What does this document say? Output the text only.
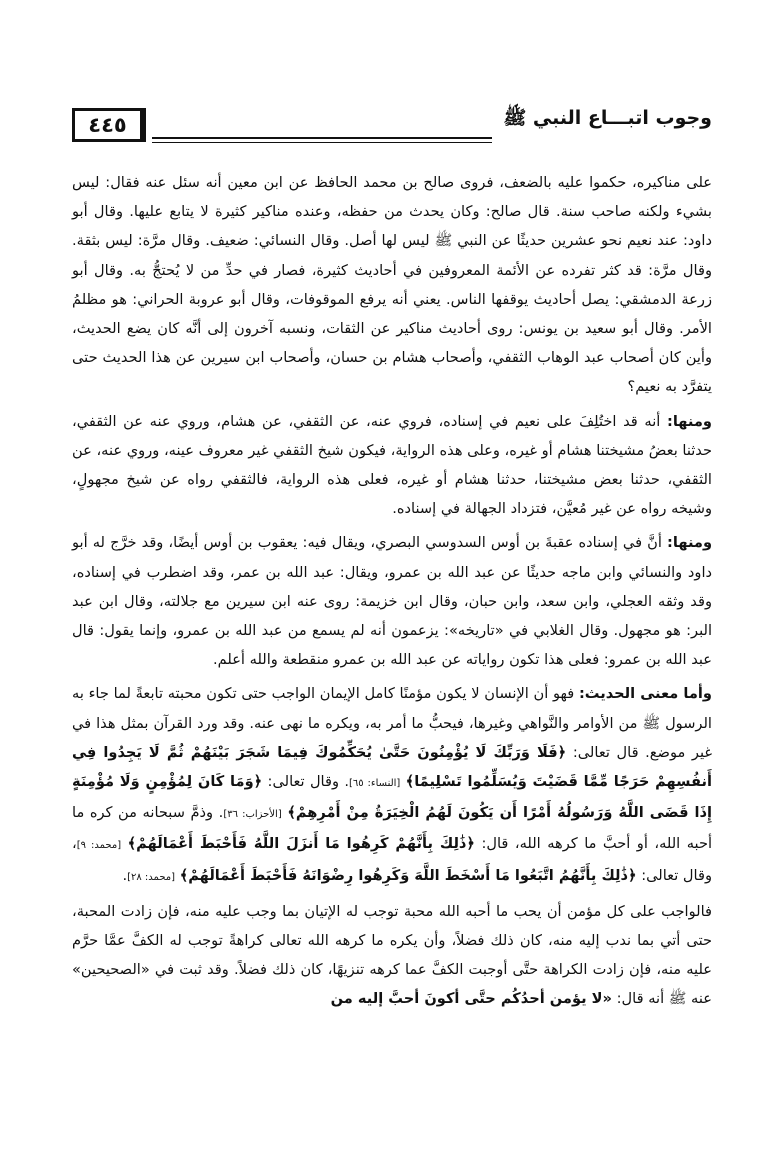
وجوب اتبـــاع النبي ﷺ
٤٤٥

على مناكيره، حكموا عليه بالضعف، فروى صالح بن محمد الحافظ عن ابن معين أنه سئل عنه فقال: ليس بشيء ولكنه صاحب سنة. قال صالح: وكان يحدث من حفظه، وعنده مناكير كثيرة لا يتابع عليها. وقال أبو داود: عند نعيم نحو عشرين حديثًا عن النبي ﷺ ليس لها أصل. وقال النسائي: ضعيف. وقال مرَّة: ليس بثقة. وقال مرَّة: قد كثر تفرده عن الأئمة المعروفين في أحاديث كثيرة، فصار في حدِّ من لا يُحتجُّ به. وقال أبو زرعة الدمشقي: يصل أحاديث يوقفها الناس. يعني أنه يرفع الموقوفات، وقال أبو عروبة الحراني: هو مظلمُ الأمر. وقال أبو سعيد بن يونس: روى أحاديث مناكير عن الثقات، ونسبه آخرون إلى أنَّه كان يضع الحديث، وأين كان أصحاب عبد الوهاب الثقفي، وأصحاب هشام بن حسان، وأصحاب ابن سيرين عن هذا الحديث حتى يتفرَّد به نعيم؟

ومنها: أنه قد اختُلِفَ على نعيم في إسناده، فروي عنه، عن الثقفي، عن هشام، وروي عنه عن الثقفي، حدثنا بعضُ مشيختنا هشام أو غيره، وعلى هذه الرواية، فيكون شيخ الثقفي غير معروف عينه، وروي عنه، عن الثقفي، حدثنا بعض مشيختنا، حدثنا هشام أو غيره، فعلى هذه الرواية، فالثقفي رواه عن شيخ مجهولٍ، وشيخه رواه عن غير مُعيَّن، فتزداد الجهالة في إسناده.

ومنها: أنَّ في إسناده عقبةَ بن أوس السدوسي البصري، ويقال فيه: يعقوب بن أوس أيضًا، وقد خرَّج له أبو داود والنسائي وابن ماجه حديثًا عن عبد الله بن عمرو، ويقال: عبد الله بن عمر، وقد اضطرب في إسناده، وقد وثقه العجلي، وابن سعد، وابن حبان، وقال ابن خزيمة: روى عنه ابن سيرين مع جلالته، وقال ابن عبد البر: هو مجهول. وقال الغلابي في «تاريخه»: يزعمون أنه لم يسمع من عبد الله بن عمرو، وإنما يقول: قال عبد الله بن عمرو: فعلى هذا تكون رواياته عن عبد الله بن عمرو منقطعة والله أعلم.

وأما معنى الحديث: فهو أن الإنسان لا يكون مؤمنًا كامل الإيمان الواجب حتى تكون محبته تابعةً لما جاء به الرسول ﷺ من الأوامر والنَّواهي وغيرها، فيحبُّ ما أمر به، ويكره ما نهى عنه. وقد ورد القرآن بمثل هذا في غير موضع. قال تعالى: ﴿فَلَا وَرَبِّكَ لَا يُؤْمِنُونَ حَتَّىٰ يُحَكِّمُوكَ فِيمَا شَجَرَ بَيْنَهُمْ ثُمَّ لَا يَجِدُوا فِي أَنفُسِهِمْ حَرَجًا مِّمَّا قَضَيْتَ وَيُسَلِّمُوا تَسْلِيمًا﴾ [النساء: ٦٥]. وقال تعالى: ﴿وَمَا كَانَ لِمُؤْمِنٍ وَلَا مُؤْمِنَةٍ إِذَا قَضَى اللَّهُ وَرَسُولُهُ أَمْرًا أَن يَكُونَ لَهُمُ الْخِيَرَةُ مِنْ أَمْرِهِمْ﴾ [الأحزاب: ٣٦]. وذمَّ سبحانه من كره ما أحبه الله، أو أحبَّ ما كرهه الله، قال: ﴿ذَٰلِكَ بِأَنَّهُمْ كَرِهُوا مَا أَنزَلَ اللَّهُ فَأَحْبَطَ أَعْمَالَهُمْ﴾ [محمد: ٩]، وقال تعالى: ﴿ذَٰلِكَ بِأَنَّهُمُ اتَّبَعُوا مَا أَسْخَطَ اللَّهَ وَكَرِهُوا رِضْوَانَهُ فَأَحْبَطَ أَعْمَالَهُمْ﴾ [محمد: ٢٨].

فالواجب على كل مؤمن أن يحب ما أحبه الله محبة توجب له الإتيان بما وجب عليه منه، فإن زادت المحبة، حتى أتي بما ندب إليه منه، كان ذلك فضلاً، وأن يكره ما كرهه الله تعالى كراهةً توجب له الكفَّ عمَّا حرَّم عليه منه، فإن زادت الكراهة حتَّى أوجبت الكفَّ عما كرهه تنزيهًا، كان ذلك فضلاً. وقد ثبت في «الصحيحين» عنه ﷺ أنه قال: «لا يؤمن أحدُكُم حتَّى أكونَ أحبَّ إليه من
